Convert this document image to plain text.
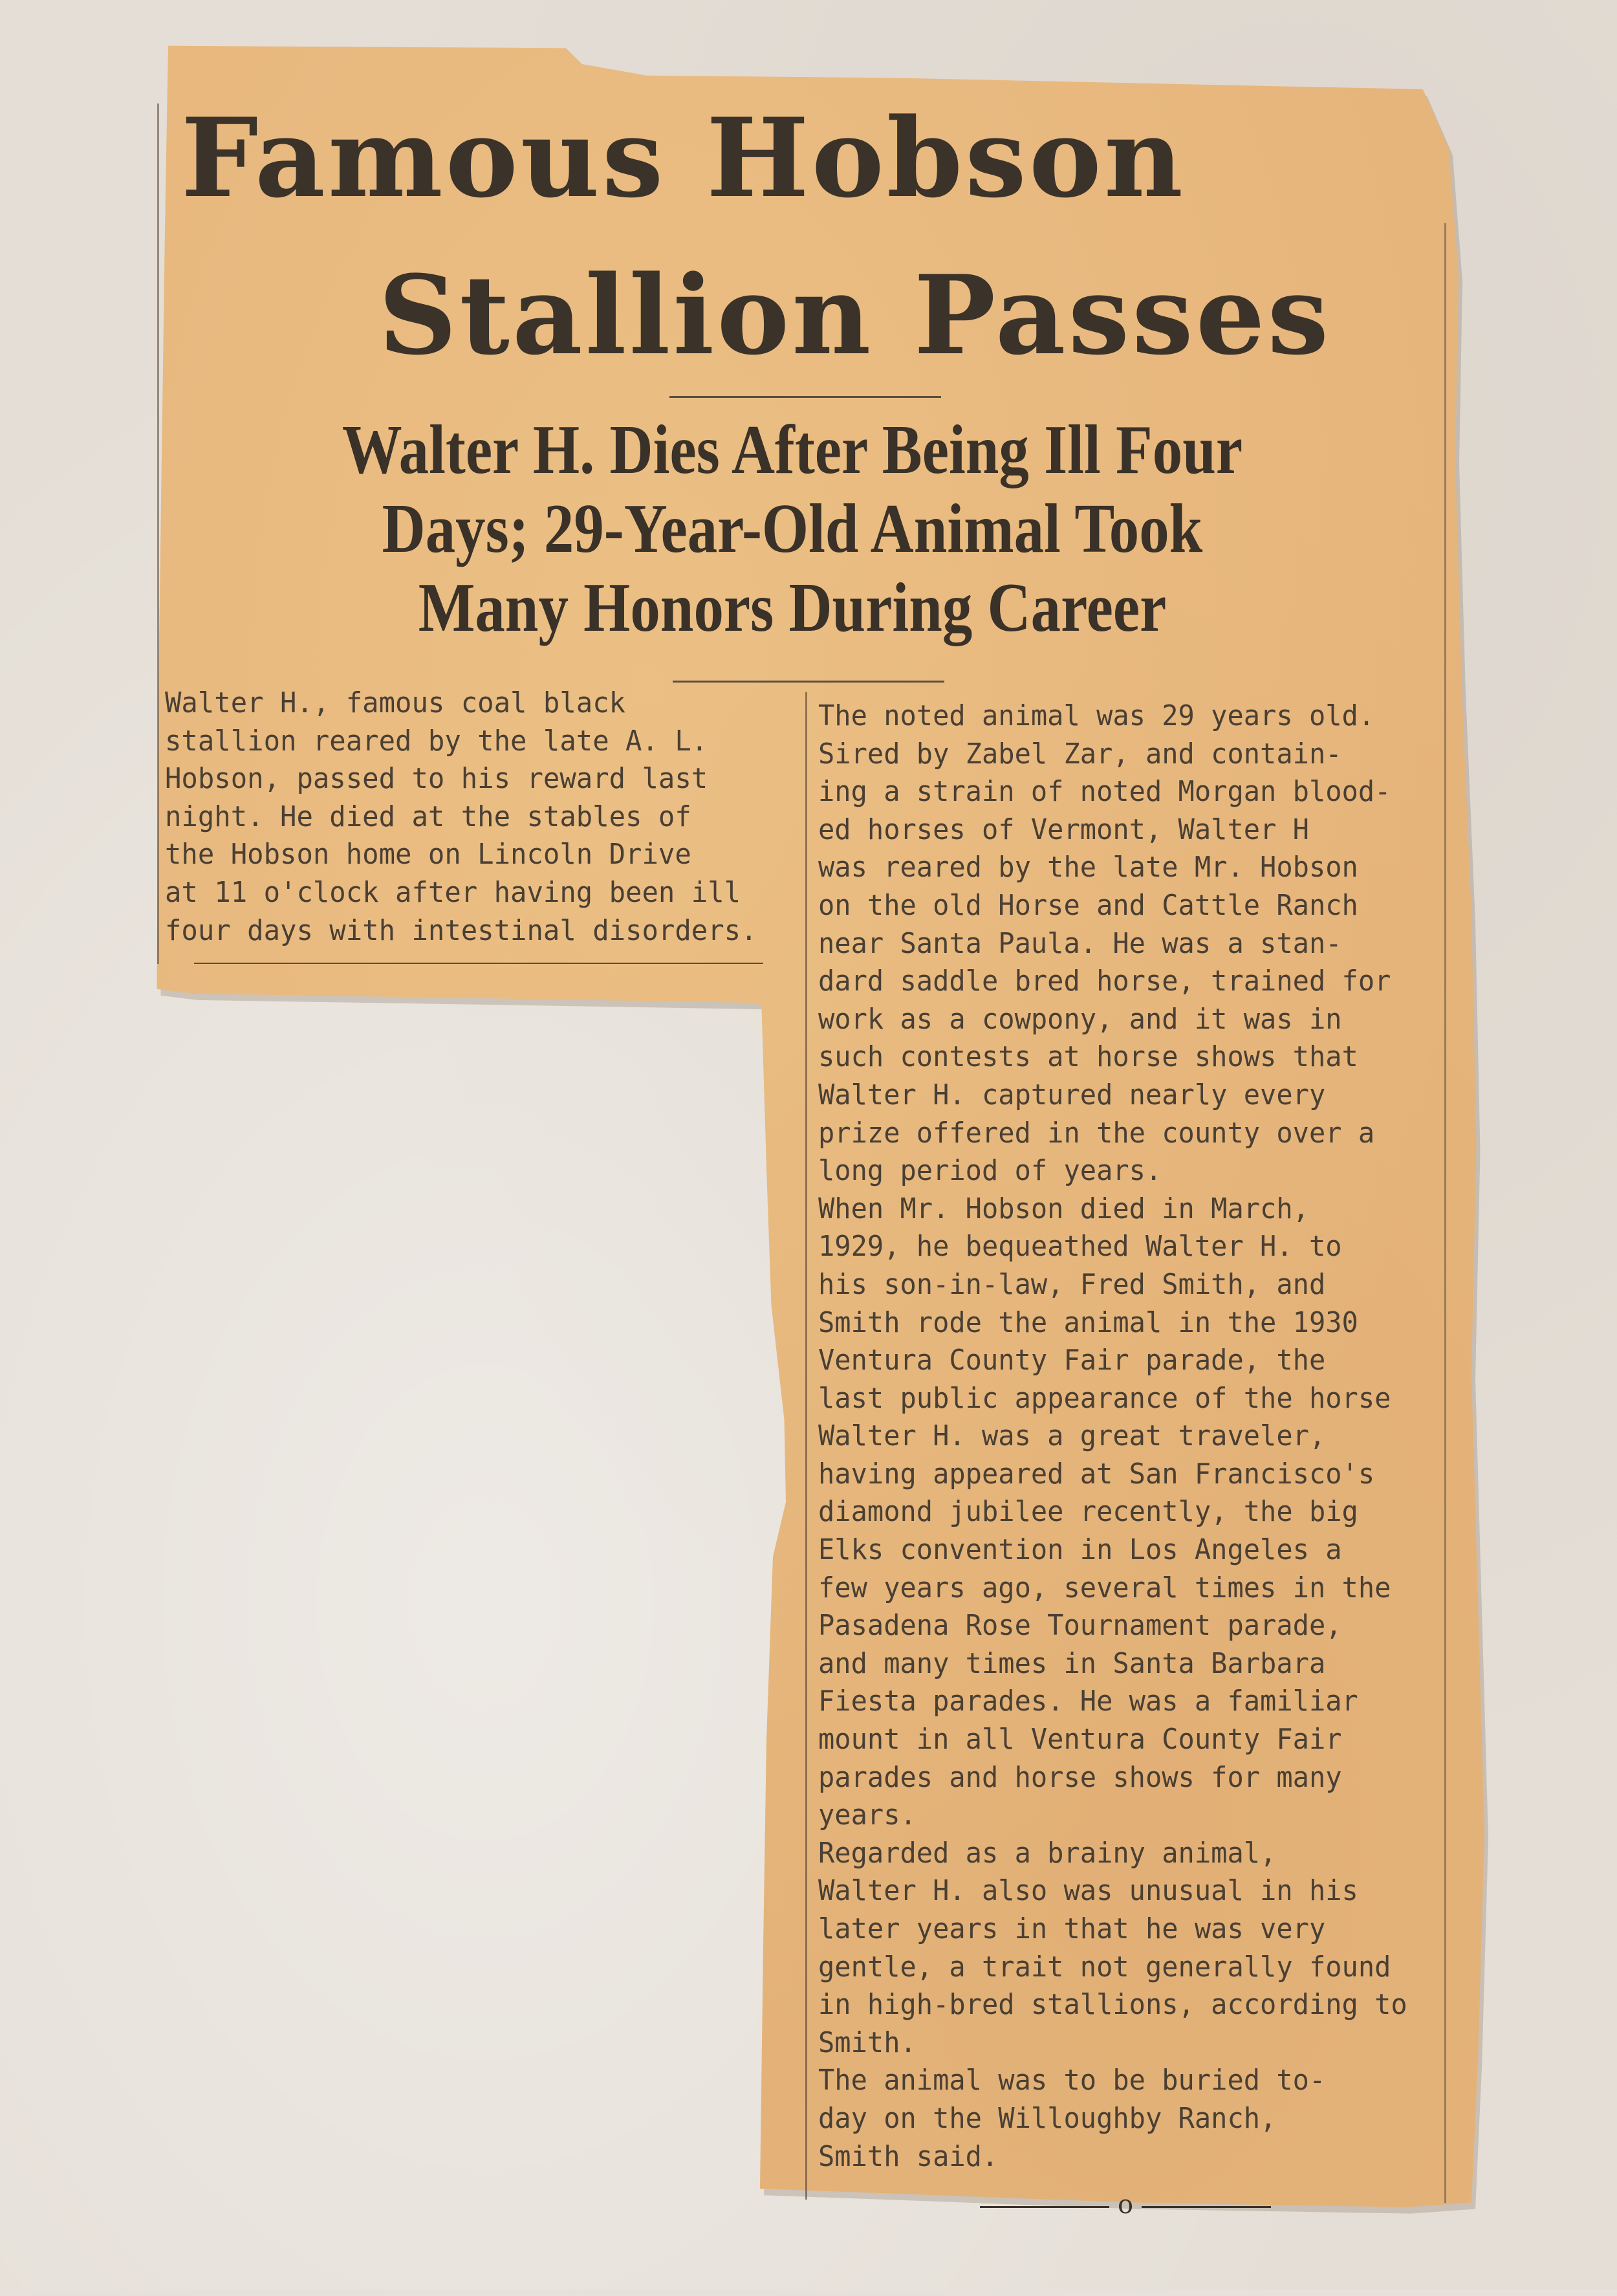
Famous Hobson
Stallion Passes
Walter H. Dies After Being Ill Four
Days; 29-Year-Old Animal Took
Many Honors During Career
Walter H., famous coal black
stallion reared by the late A. L.
Hobson, passed to his reward last
night. He died at the stables of
the Hobson home on Lincoln Drive
at 11 o'clock after having been ill
four days with intestinal disorders.
The noted animal was 29 years old.
Sired by Zabel Zar, and contain-
ing a strain of noted Morgan blood-
ed horses of Vermont, Walter H
was reared by the late Mr. Hobson
on the old Horse and Cattle Ranch
near Santa Paula. He was a stan-
dard saddle bred horse, trained for
work as a cowpony, and it was in
such contests at horse shows that
Walter H. captured nearly every
prize offered in the county over a
long period of years.
When Mr. Hobson died in March,
1929, he bequeathed Walter H. to
his son-in-law, Fred Smith, and
Smith rode the animal in the 1930
Ventura County Fair parade, the
last public appearance of the horse
Walter H. was a great traveler,
having appeared at San Francisco's
diamond jubilee recently, the big
Elks convention in Los Angeles a
few years ago, several times in the
Pasadena Rose Tournament parade,
and many times in Santa Barbara
Fiesta parades. He was a familiar
mount in all Ventura County Fair
parades and horse shows for many
years.
Regarded as a brainy animal,
Walter H. also was unusual in his
later years in that he was very
gentle, a trait not generally found
in high-bred stallions, according to
Smith.
The animal was to be buried to-
day on the Willoughby Ranch,
Smith said.
o
